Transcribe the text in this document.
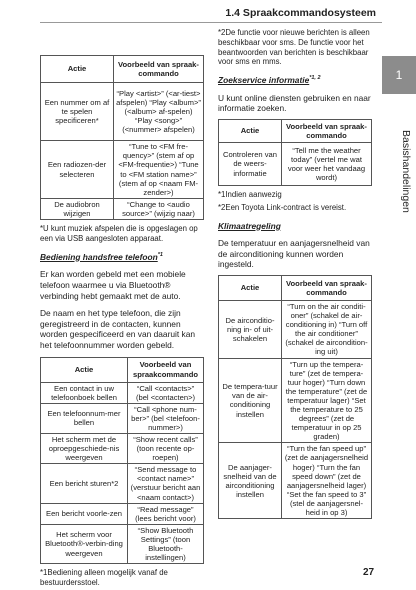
1.4 Spraakcommandosysteem
1
Basishandelingen
Actie	Voorbeeld van spraak-commando
Een nummer om af te spelen specificeren*	“Play <artist>” (<ar-tiest> afspelen) “Play <album>” (<album> af-spelen) “Play <song>” (<nummer> afspelen)
Een radiozen-der selecteren	“Tune to <FM fre-quency>” (stem af op <FM-frequentie>) “Tune to <FM station name>” (stem af op <naam FM-zender>)
De audiobron wijzigen	“Change to <audio source>” (wijzig naar)

*U kunt muziek afspelen die is opgeslagen op een via USB aangesloten apparaat.

Bediening handsfree telefoon$^{*1}$

Er kan worden gebeld met een mobiele telefoon waarmee u via Bluetooth® verbinding hebt gemaakt met de auto.

De naam en het type telefoon, die zijn geregistreerd in de contacten, kunnen worden gespecificeerd en van daaruit kan het telefoonnummer worden gebeld.

Actie	Voorbeeld van spraakcommando
Een contact in uw telefoonboek bellen	“Call <contacts>” (bel <contacten>)
Een telefoonnum-mer bellen	“Call <phone num-ber>” (bel <telefoon-nummer>)
Het scherm met de oproepgeschiede-nis weergeven	“Show recent calls” (toon recente op-roepen)
Een bericht sturen*2	“Send message to <contact name>” (verstuur bericht aan <naam contact>)
Een bericht voorle-zen	“Read message” (lees bericht voor)
Het scherm voor Bluetooth®-verbin-ding weergeven	“Show Bluetooth Settings” (toon Bluetooth-instellingen)

*1Bediening alleen mogelijk vanaf de bestuurdersstoel.

*2De functie voor nieuwe berichten is alleen beschikbaar voor sms. De functie voor het beantwoorden van berichten is beschikbaar voor sms en mms.

Zoekservice informatie$^{*1, 2}$

U kunt online diensten gebruiken en naar informatie zoeken.

Actie	Voorbeeld van spraak-commando
Controleren van de weers-informatie	“Tell me the weather today” (vertel me wat voor weer het vandaag wordt)

*1Indien aanwezig

*2Een Toyota Link-contract is vereist.

Klimaatregeling

De temperatuur en aanjagersnelheid van de airconditioning kunnen worden ingesteld.

Actie	Voorbeeld van spraak-commando
De airconditio-ning in- of uit-schakelen	“Turn on the air conditi-oner” (schakel de air-conditioning in) “Turn off the air conditioner” (schakel de aircondition-ing uit)
De tempera-tuur van de air-conditioning instellen	“Turn up the tempera-ture” (zet de tempera-tuur hoger) “Turn down the temperature” (zet de temperatuur lager) “Set the temperature to 25 degrees” (zet de temperatuur in op 25 graden)
De aanjager-snelheid van de airconditioning instellen	“Turn the fan speed up” (zet de aanjagersnelheid hoger) “Turn the fan speed down” (zet de aanjagersnelheid lager) “Set the fan speed to 3” (stel de aanjagersnel-heid in op 3)
27
